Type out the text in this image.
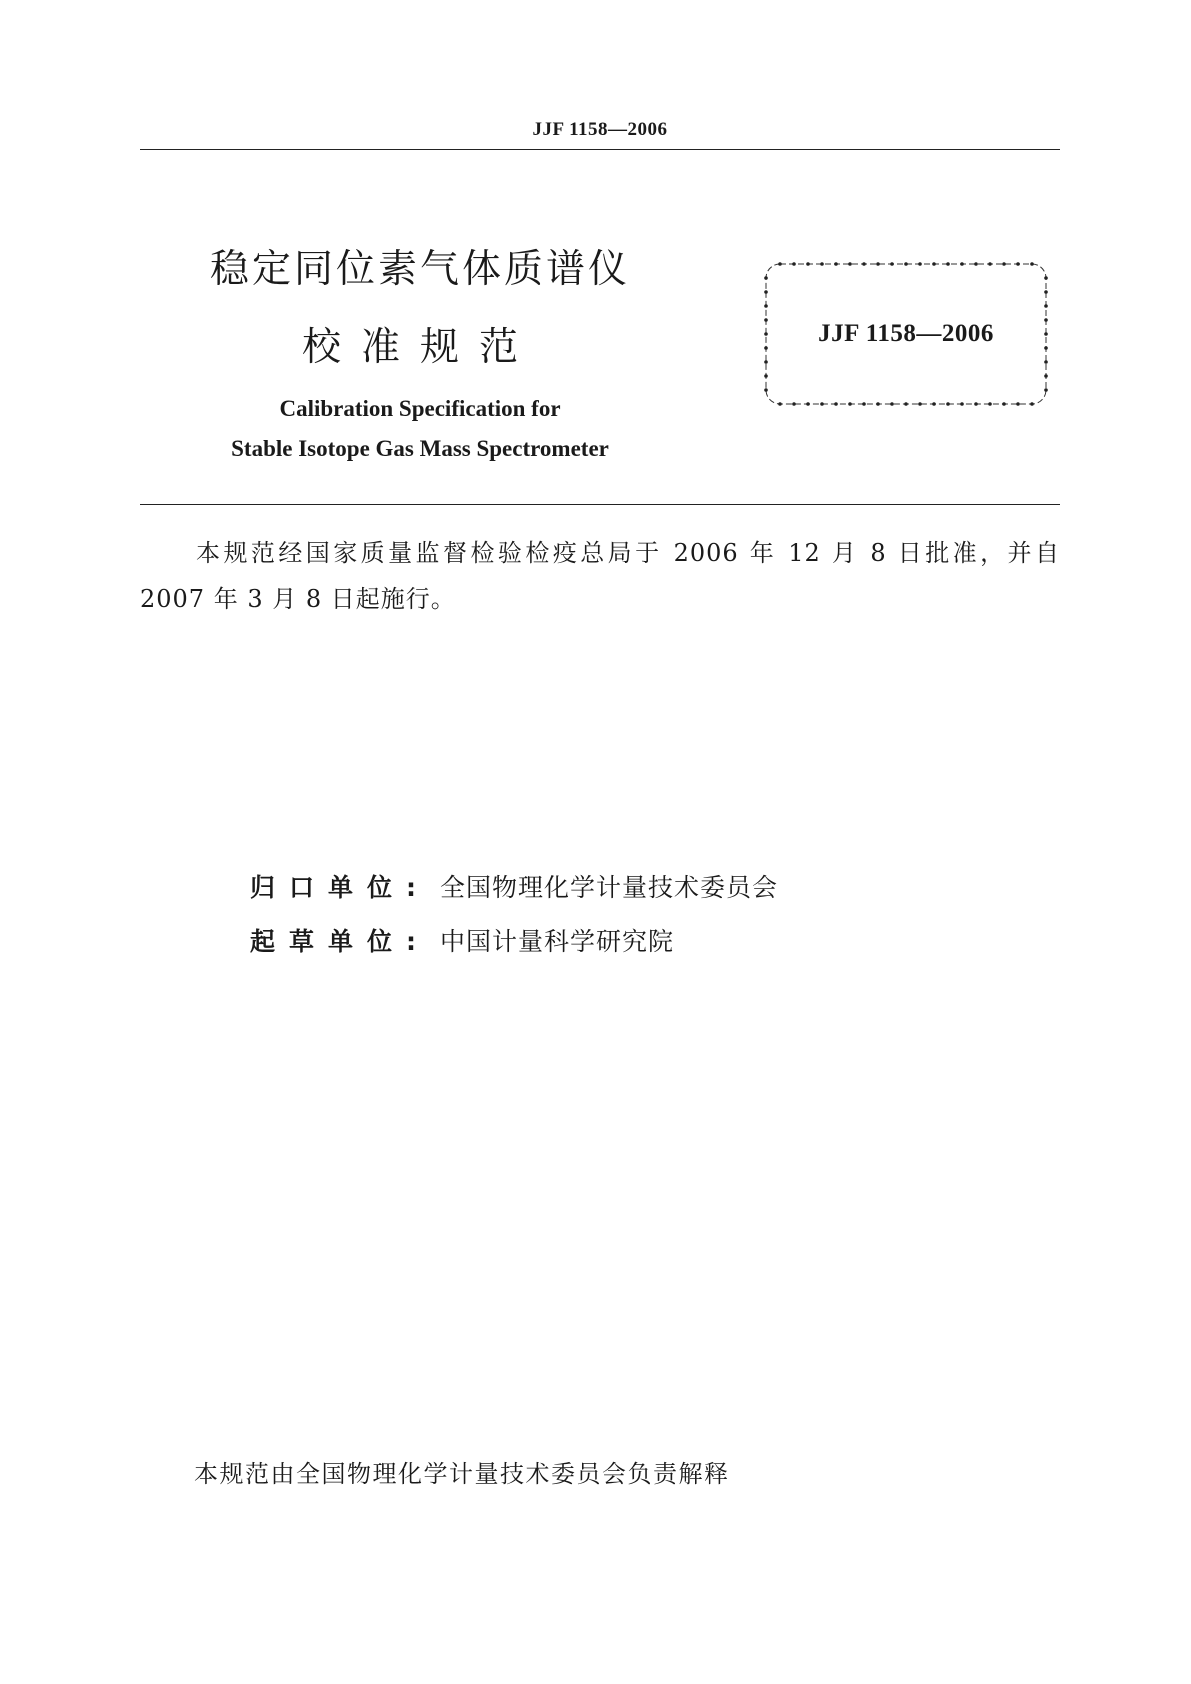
JJF 1158—2006
稳定同位素气体质谱仪
校准规范
Calibration Specification for
Stable Isotope Gas Mass Spectrometer
JJF 1158—2006
本规范经国家质量监督检验检疫总局于 2006 年 12 月 8 日批准，并自 2007 年 3 月 8 日起施行。
归口单位: 全国物理化学计量技术委员会
起草单位: 中国计量科学研究院
本规范由全国物理化学计量技术委员会负责解释
